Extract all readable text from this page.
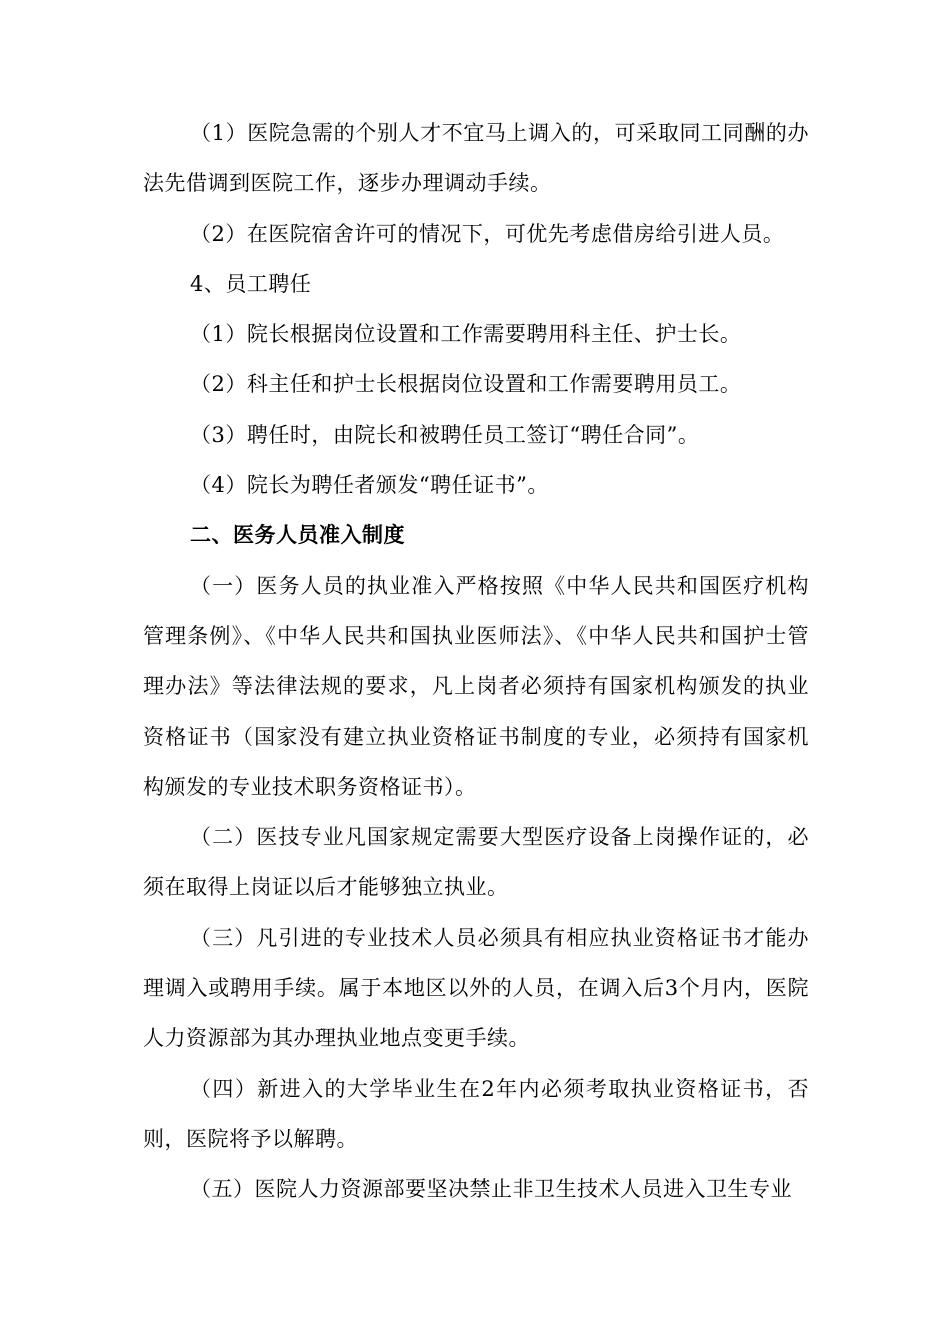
（1）医院急需的个别人才不宜马上调入的，可采取同工同酬的办法先借调到医院工作，逐步办理调动手续。

（2）在医院宿舍许可的情况下，可优先考虑借房给引进人员。

4、员工聘任

（1）院长根据岗位设置和工作需要聘用科主任、护士长。

（2）科主任和护士长根据岗位设置和工作需要聘用员工。

（3）聘任时，由院长和被聘任员工签订“聘任合同”。

（4）院长为聘任者颁发“聘任证书”。

二、医务人员准入制度

（一）医务人员的执业准入严格按照《中华人民共和国医疗机构管理条例》、《中华人民共和国执业医师法》、《中华人民共和国护士管理办法》等法律法规的要求，凡上岗者必须持有国家机构颁发的执业资格证书（国家没有建立执业资格证书制度的专业，必须持有国家机构颁发的专业技术职务资格证书）。

（二）医技专业凡国家规定需要大型医疗设备上岗操作证的，必须在取得上岗证以后才能够独立执业。

（三）凡引进的专业技术人员必须具有相应执业资格证书才能办理调入或聘用手续。属于本地区以外的人员，在调入后3个月内，医院人力资源部为其办理执业地点变更手续。

（四）新进入的大学毕业生在2年内必须考取执业资格证书，否则，医院将予以解聘。

（五）医院人力资源部要坚决禁止非卫生技术人员进入卫生专业
